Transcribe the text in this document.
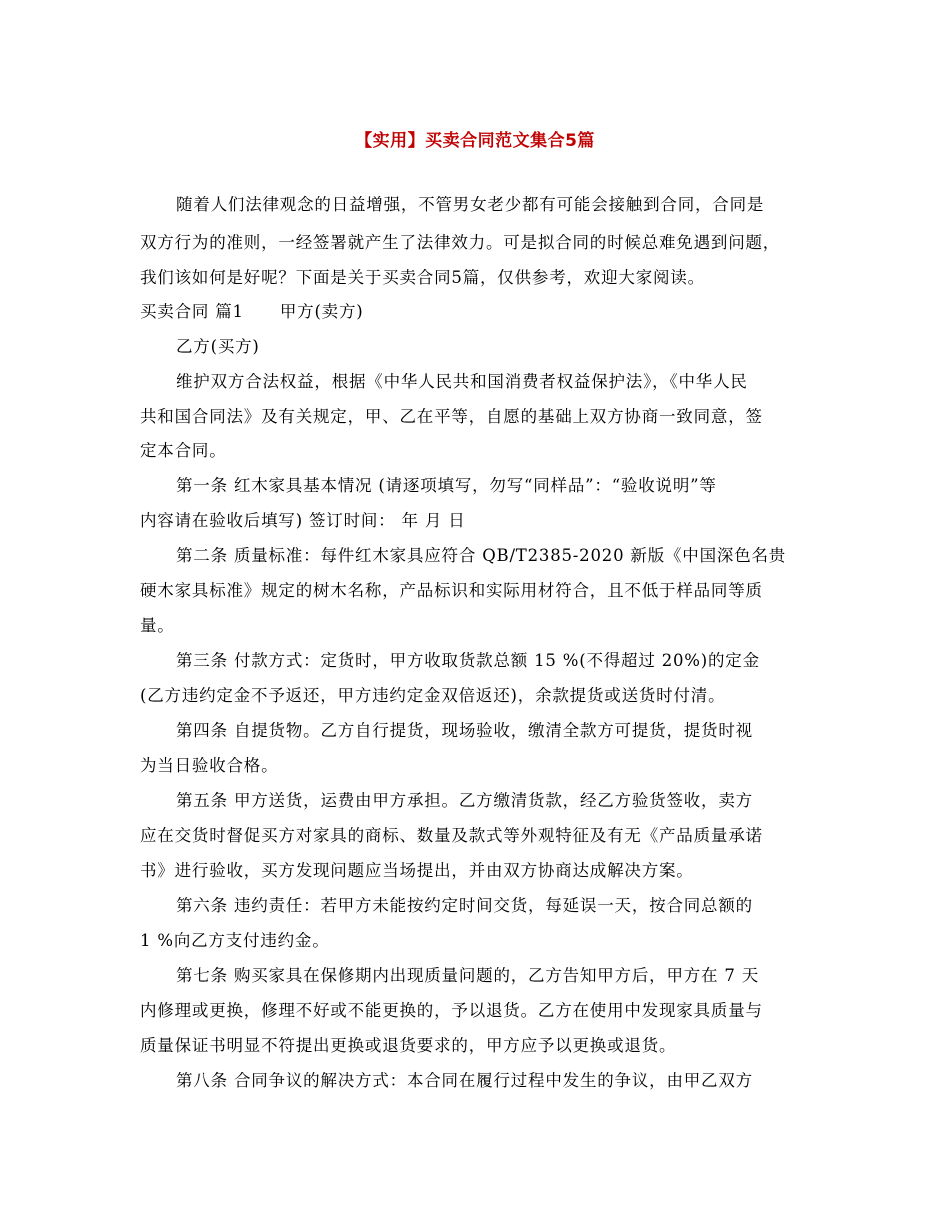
【实用】买卖合同范文集合5篇
随着人们法律观念的日益增强，不管男女老少都有可能会接触到合同，合同是
双方行为的准则，一经签署就产生了法律效力。可是拟合同的时候总难免遇到问题，
我们该如何是好呢？下面是关于买卖合同5篇，仅供参考，欢迎大家阅读。
买卖合同 篇1 甲方(卖方)
乙方(买方)
维护双方合法权益，根据《中华人民共和国消费者权益保护法》，《中华人民
共和国合同法》及有关规定，甲、乙在平等，自愿的基础上双方协商一致同意，签
定本合同。
第一条 红木家具基本情况 (请逐项填写，勿写“同样品”：“验收说明”等
内容请在验收后填写) 签订时间： 年 月 日
第二条 质量标准：每件红木家具应符合 QB/T2385-2020 新版《中国深色名贵
硬木家具标准》规定的树木名称，产品标识和实际用材符合，且不低于样品同等质
量。
第三条 付款方式：定货时，甲方收取货款总额 15 %(不得超过 20%)的定金
(乙方违约定金不予返还，甲方违约定金双倍返还)，余款提货或送货时付清。
第四条 自提货物。乙方自行提货，现场验收，缴清全款方可提货，提货时视
为当日验收合格。
第五条 甲方送货，运费由甲方承担。乙方缴清货款，经乙方验货签收，卖方
应在交货时督促买方对家具的商标、数量及款式等外观特征及有无《产品质量承诺
书》进行验收，买方发现问题应当场提出，并由双方协商达成解决方案。
第六条 违约责任：若甲方未能按约定时间交货，每延误一天，按合同总额的
1 %向乙方支付违约金。
第七条 购买家具在保修期内出现质量问题的，乙方告知甲方后，甲方在 7 天
内修理或更换，修理不好或不能更换的，予以退货。乙方在使用中发现家具质量与
质量保证书明显不符提出更换或退货要求的，甲方应予以更换或退货。
第八条 合同争议的解决方式：本合同在履行过程中发生的争议，由甲乙双方
